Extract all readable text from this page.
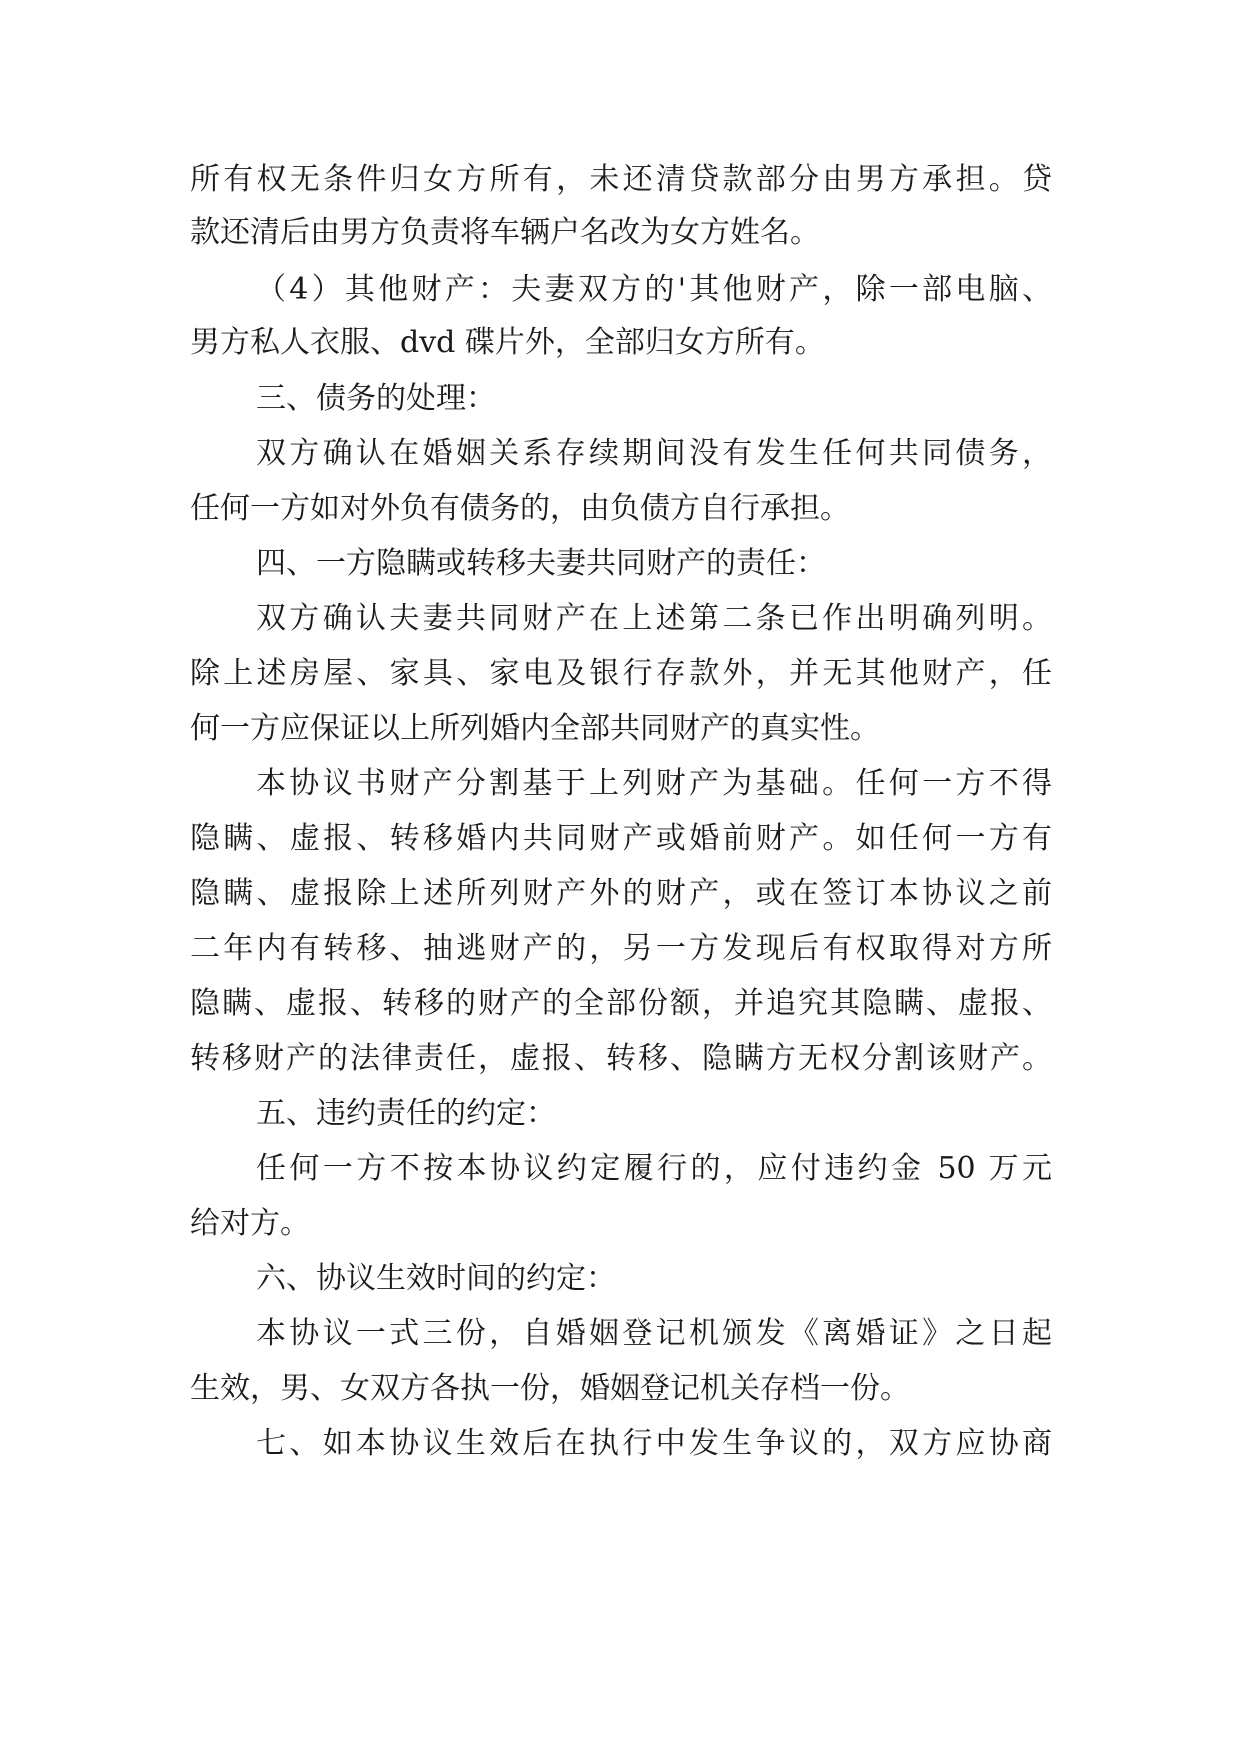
所有权无条件归女方所有，未还清贷款部分由男方承担。贷
款还清后由男方负责将车辆户名改为女方姓名。
（4）其他财产：夫妻双方的'其他财产，除一部电脑、
男方私人衣服、dvd 碟片外，全部归女方所有。
三、债务的处理：
双方确认在婚姻关系存续期间没有发生任何共同债务，
任何一方如对外负有债务的，由负债方自行承担。
四、一方隐瞒或转移夫妻共同财产的责任：
双方确认夫妻共同财产在上述第二条已作出明确列明。
除上述房屋、家具、家电及银行存款外，并无其他财产，任
何一方应保证以上所列婚内全部共同财产的真实性。
本协议书财产分割基于上列财产为基础。任何一方不得
隐瞒、虚报、转移婚内共同财产或婚前财产。如任何一方有
隐瞒、虚报除上述所列财产外的财产，或在签订本协议之前
二年内有转移、抽逃财产的，另一方发现后有权取得对方所
隐瞒、虚报、转移的财产的全部份额，并追究其隐瞒、虚报、
转移财产的法律责任，虚报、转移、隐瞒方无权分割该财产。
五、违约责任的约定：
任何一方不按本协议约定履行的，应付违约金 50 万元
给对方。
六、协议生效时间的约定：
本协议一式三份，自婚姻登记机颁发《离婚证》之日起
生效，男、女双方各执一份，婚姻登记机关存档一份。
七、如本协议生效后在执行中发生争议的，双方应协商
